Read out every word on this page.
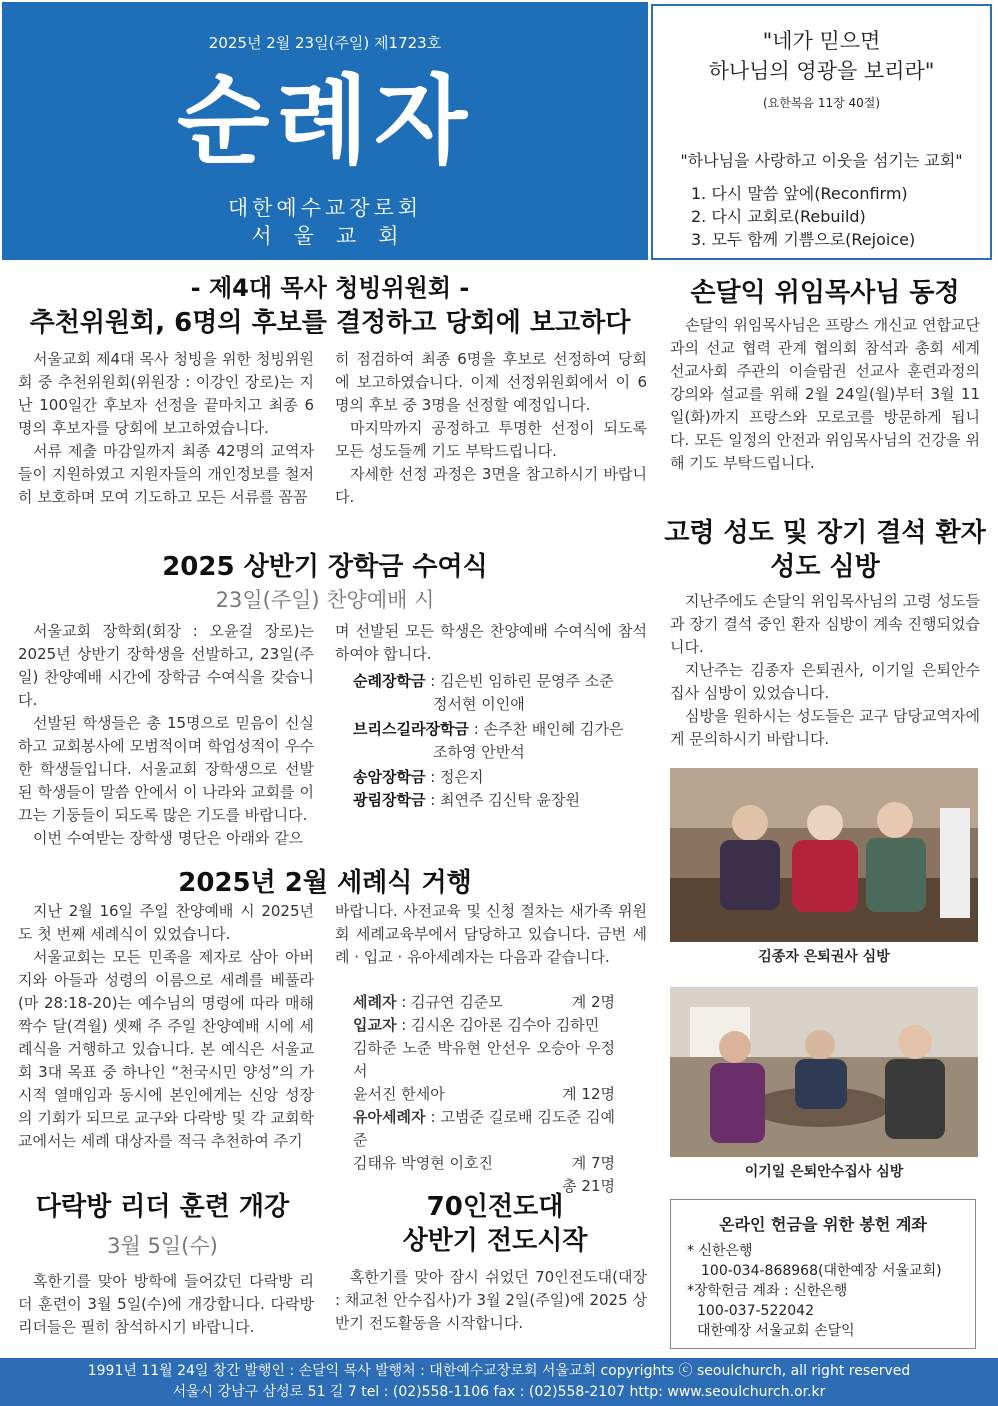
2025년 2월 23일(주일) 제1723호
순례자
대한예수교장로회
서울교회
"네가 믿으면
하나님의 영광을 보리라"
(요한복음 11장 40절)
"하나님을 사랑하고 이웃을 섬기는 교회"
1. 다시 말씀 앞에(Reconfirm)
2. 다시 교회로(Rebuild)
3. 모두 함께 기쁨으로(Rejoice)
- 제4대 목사 청빙위원회 -
추천위원회, 6명의 후보를 결정하고 당회에 보고하다

서울교회 제4대 목사 청빙을 위한 청빙위원회 중 추천위원회(위원장 : 이강인 장로)는 지난 100일간 후보자 선정을 끝마치고 최종 6명의 후보자를 당회에 보고하였습니다.

서류 제출 마감일까지 최종 42명의 교역자들이 지원하였고 지원자들의 개인정보를 철저히 보호하며 모여 기도하고 모든 서류를 꼼꼼

히 점검하여 최종 6명을 후보로 선정하여 당회에 보고하였습니다. 이제 선정위원회에서 이 6명의 후보 중 3명을 선정할 예정입니다.

마지막까지 공정하고 투명한 선정이 되도록 모든 성도들께 기도 부탁드립니다.

자세한 선정 과정은 3면을 참고하시기 바랍니다.

손달익 위임목사님 동정

손달익 위임목사님은 프랑스 개신교 연합교단과의 선교 협력 관계 협의회 참석과 총회 세계 선교사회 주관의 이슬람권 선교사 훈련과정의 강의와 설교를 위해 2월 24일(월)부터 3월 11일(화)까지 프랑스와 모로코를 방문하게 됩니다. 모든 일정의 안전과 위임목사님의 건강을 위해 기도 부탁드립니다.

고령 성도 및 장기 결석 환자
성도 심방

지난주에도 손달익 위임목사님의 고령 성도들과 장기 결석 중인 환자 심방이 계속 진행되었습니다.

지난주는 김종자 은퇴권사, 이기일 은퇴안수집사 심방이 있었습니다.

심방을 원하시는 성도들은 교구 담당교역자에게 문의하시기 바랍니다.

김종자 은퇴권사 심방
이기일 은퇴안수집사 심방
2025 상반기 장학금 수여식
23일(주일) 찬양예배 시

서울교회 장학회(회장 : 오윤걸 장로)는 2025년 상반기 장학생을 선발하고, 23일(주일) 찬양예배 시간에 장학금 수여식을 갖습니다.

선발된 학생들은 총 15명으로 믿음이 신실하고 교회봉사에 모범적이며 학업성적이 우수한 학생들입니다. 서울교회 장학생으로 선발된 학생들이 말씀 안에서 이 나라와 교회를 이끄는 기둥들이 되도록 많은 기도를 바랍니다.

이번 수여받는 장학생 명단은 아래와 같으

며 선발된 모든 학생은 찬양예배 수여식에 참석하여야 합니다.

순례장학금 : 김은빈 임하린 문영주 소준
정서현 이인애
브리스길라장학금 : 손주찬 배인혜 김가은
조하영 안반석
송암장학금 : 정은지
광림장학금 : 최연주 김신탁 윤장원
2025년 2월 세례식 거행

지난 2월 16일 주일 찬양예배 시 2025년도 첫 번째 세례식이 있었습니다.

서울교회는 모든 민족을 제자로 삼아 아버지와 아들과 성령의 이름으로 세례를 베풀라(마 28:18-20)는 예수님의 명령에 따라 매해 짝수 달(격월) 셋째 주 주일 찬양예배 시에 세례식을 거행하고 있습니다. 본 예식은 서울교회 3대 목표 중 하나인 “천국시민 양성”의 가시적 열매임과 동시에 본인에게는 신앙 성장의 기회가 되므로 교구와 다락방 및 각 교회학교에서는 세례 대상자를 적극 추천하여 주기

바랍니다. 사전교육 및 신청 절차는 새가족 위원회 세례교육부에서 담당하고 있습니다. 금번 세례 · 입교 · 유아세례자는 다음과 같습니다.

세례자 : 김규연 김준모	계 2명
입교자 : 김시온 김아론 김수아 김하민
김하준 노준 박유현 안선우 오승아 우정서
윤서진 한세아	계 12명
유아세례자 : 고범준 길로배 김도준 김예준
김태유 박영현 이호진	계 7명
총 21명
다락방 리더 훈련 개강
3월 5일(수)

혹한기를 맞아 방학에 들어갔던 다락방 리더 훈련이 3월 5일(수)에 개강합니다. 다락방 리더들은 필히 참석하시기 바랍니다.

70인전도대
상반기 전도시작

혹한기를 맞아 잠시 쉬었던 70인전도대(대장 : 채교천 안수집사)가 3월 2일(주일)에 2025 상반기 전도활동을 시작합니다.

온라인 헌금을 위한 봉헌 계좌
* 신한은행
100-034-868968(대한예장 서울교회)
*장학헌금 계좌 : 신한은행
100-037-522042
대한예장 서울교회 손달익
1991년 11월 24일 창간 발행인 : 손달익 목사 발행처 : 대한예수교장로회 서울교회 copyrights ⓒ seoulchurch, all right reserved
서울시 강남구 삼성로 51 길 7 tel : (02)558-1106 fax : (02)558-2107 http: www.seoulchurch.or.kr
